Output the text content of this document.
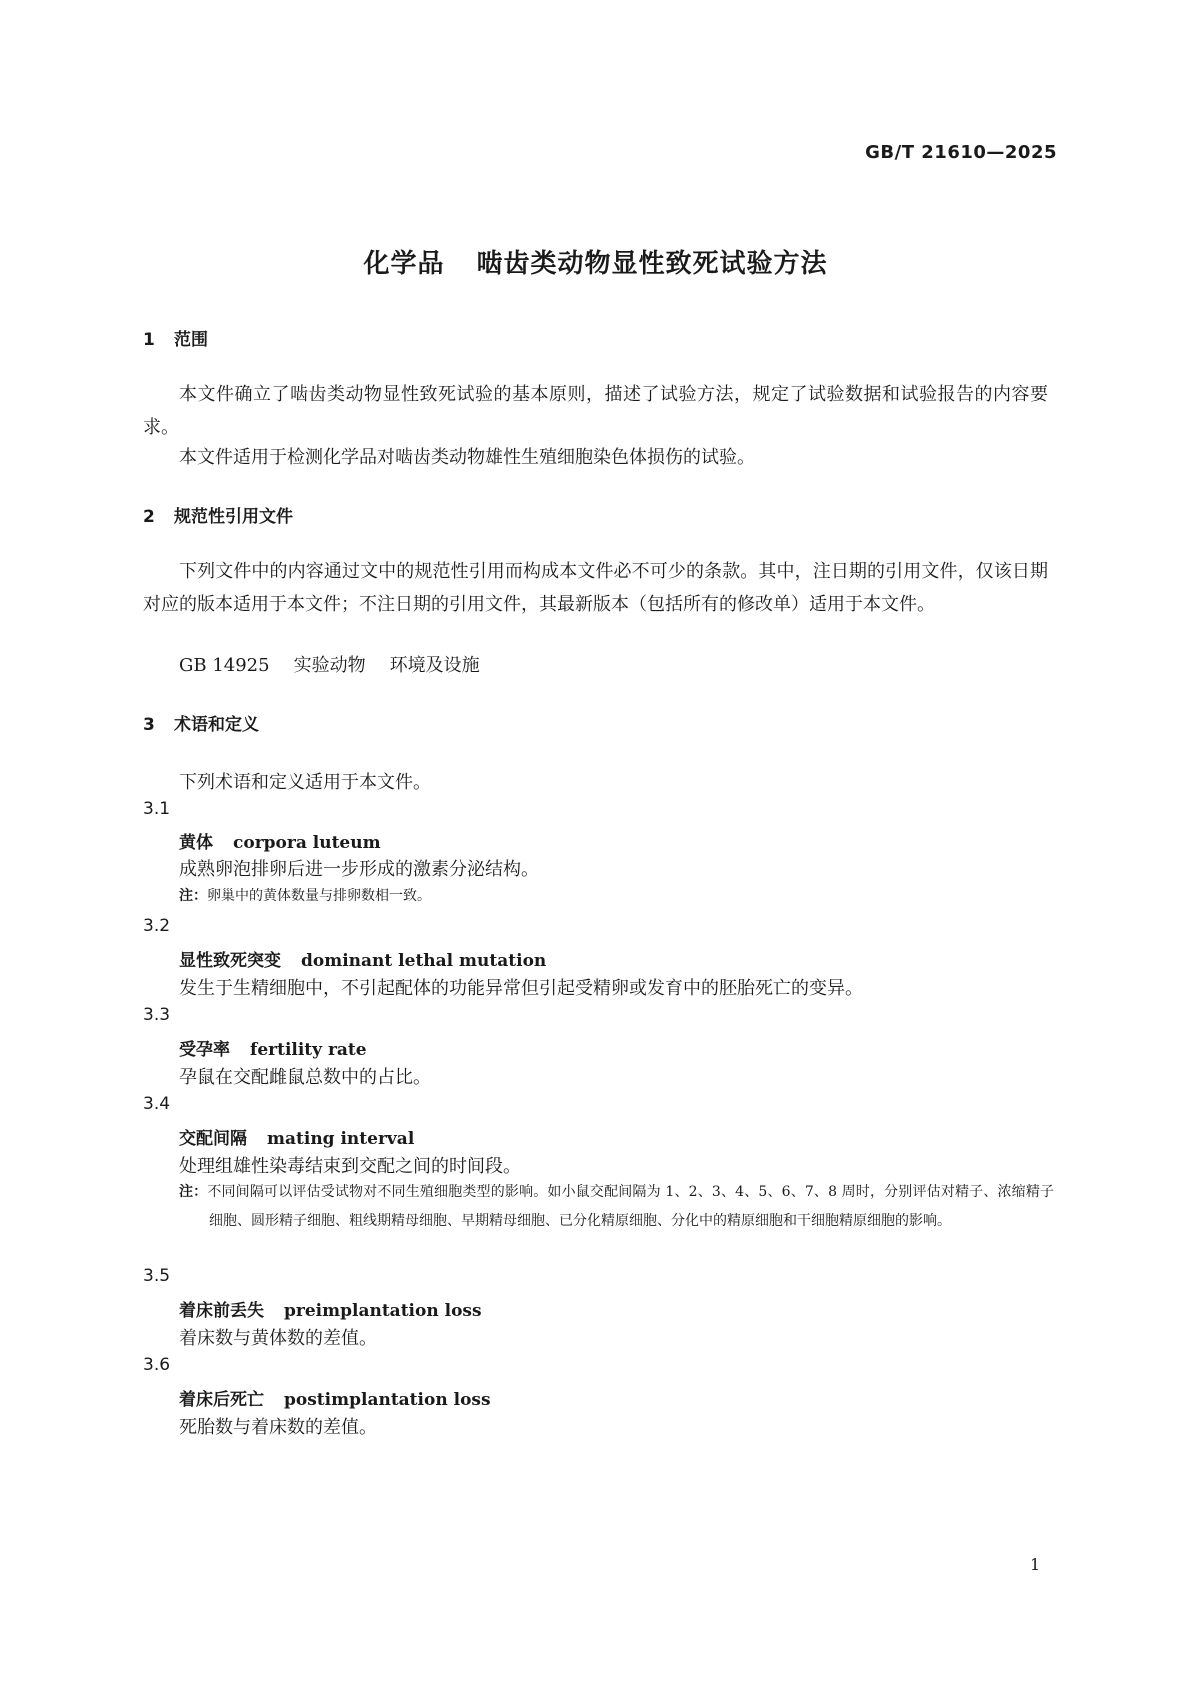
GB/T 21610—2025
化学品 啮齿类动物显性致死试验方法
1 范围

本文件确立了啮齿类动物显性致死试验的基本原则，描述了试验方法，规定了试验数据和试验报告的内容要求。

本文件适用于检测化学品对啮齿类动物雄性生殖细胞染色体损伤的试验。

2 规范性引用文件

下列文件中的内容通过文中的规范性引用而构成本文件必不可少的条款。其中，注日期的引用文件，仅该日期对应的版本适用于本文件；不注日期的引用文件，其最新版本（包括所有的修改单）适用于本文件。

GB 14925 实验动物 环境及设施
3 术语和定义
下列术语和定义适用于本文件。
3.1
黄体 corpora luteum
成熟卵泡排卵后进一步形成的激素分泌结构。
注：卵巢中的黄体数量与排卵数相一致。
3.2
显性致死突变 dominant lethal mutation
发生于生精细胞中，不引起配体的功能异常但引起受精卵或发育中的胚胎死亡的变异。
3.3
受孕率 fertility rate
孕鼠在交配雌鼠总数中的占比。
3.4
交配间隔 mating interval
处理组雄性染毒结束到交配之间的时间段。
注：不同间隔可以评估受试物对不同生殖细胞类型的影响。如小鼠交配间隔为 1、2、3、4、5、6、7、8 周时，分别评估对精子、浓缩精子细胞、圆形精子细胞、粗线期精母细胞、早期精母细胞、已分化精原细胞、分化中的精原细胞和干细胞精原细胞的影响。
3.5
着床前丢失 preimplantation loss
着床数与黄体数的差值。
3.6
着床后死亡 postimplantation loss
死胎数与着床数的差值。
1
